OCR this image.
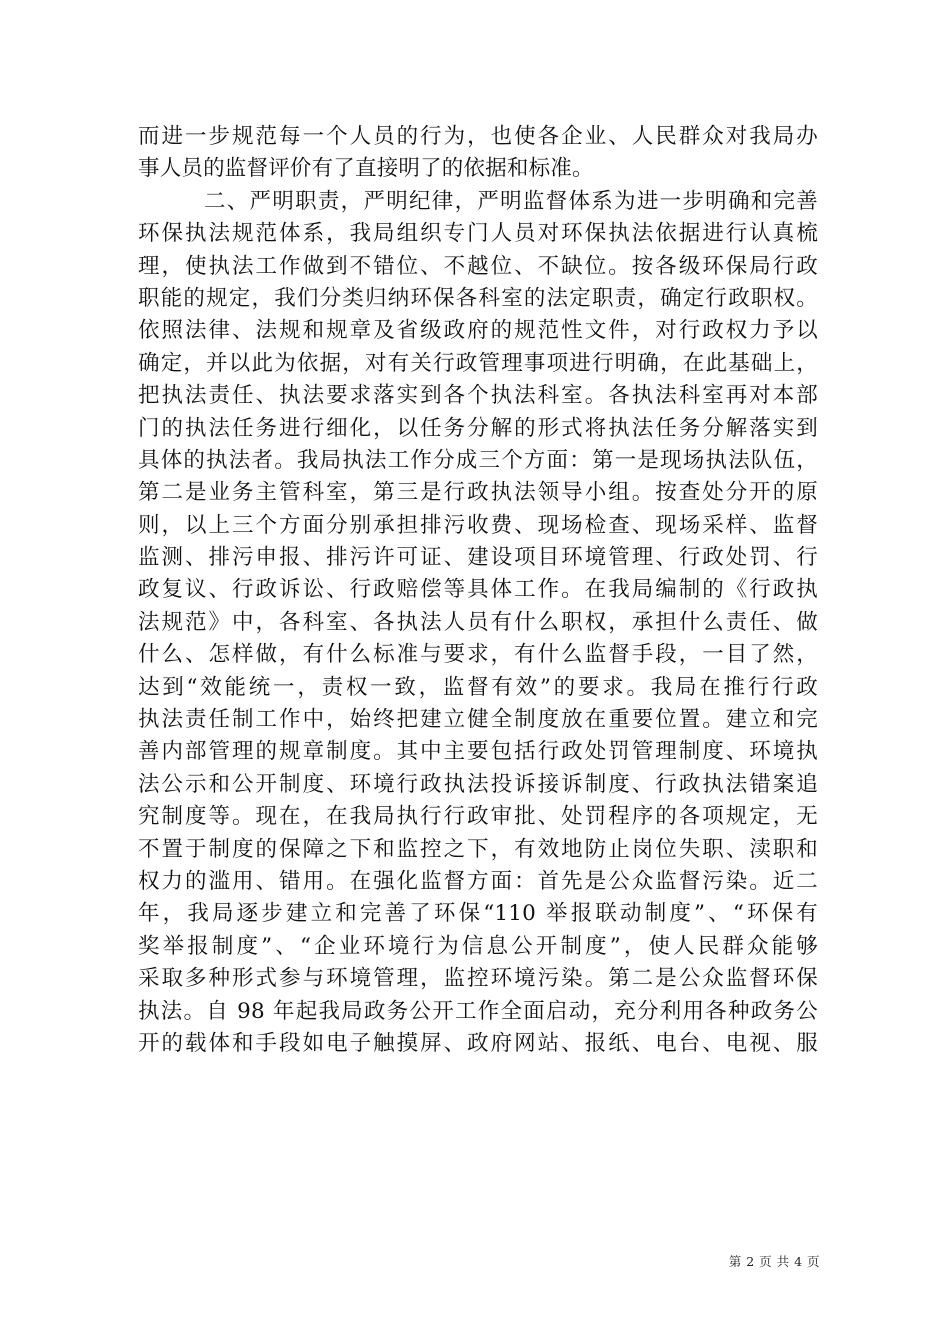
而进一步规范每一个人员的行为，也使各企业、人民群众对我局办
事人员的监督评价有了直接明了的依据和标准。
二、严明职责，严明纪律，严明监督体系为进一步明确和完善
环保执法规范体系，我局组织专门人员对环保执法依据进行认真梳
理，使执法工作做到不错位、不越位、不缺位。按各级环保局行政
职能的规定，我们分类归纳环保各科室的法定职责，确定行政职权。
依照法律、法规和规章及省级政府的规范性文件，对行政权力予以
确定，并以此为依据，对有关行政管理事项进行明确，在此基础上，
把执法责任、执法要求落实到各个执法科室。各执法科室再对本部
门的执法任务进行细化，以任务分解的形式将执法任务分解落实到
具体的执法者。我局执法工作分成三个方面：第一是现场执法队伍，
第二是业务主管科室，第三是行政执法领导小组。按查处分开的原
则，以上三个方面分别承担排污收费、现场检查、现场采样、监督
监测、排污申报、排污许可证、建设项目环境管理、行政处罚、行
政复议、行政诉讼、行政赔偿等具体工作。在我局编制的《行政执
法规范》中，各科室、各执法人员有什么职权，承担什么责任、做
什么、怎样做，有什么标准与要求，有什么监督手段，一目了然，
达到“效能统一，责权一致，监督有效”的要求。我局在推行行政
执法责任制工作中，始终把建立健全制度放在重要位置。建立和完
善内部管理的规章制度。其中主要包括行政处罚管理制度、环境执
法公示和公开制度、环境行政执法投诉接诉制度、行政执法错案追
究制度等。现在，在我局执行行政审批、处罚程序的各项规定，无
不置于制度的保障之下和监控之下，有效地防止岗位失职、渎职和
权力的滥用、错用。在强化监督方面：首先是公众监督污染。近二
年，我局逐步建立和完善了环保“110 举报联动制度”、“环保有
奖举报制度”、“企业环境行为信息公开制度”，使人民群众能够
采取多种形式参与环境管理，监控环境污染。第二是公众监督环保
执法。自 98 年起我局政务公开工作全面启动，充分利用各种政务公
开的载体和手段如电子触摸屏、政府网站、报纸、电台、电视、服
第 2 页 共 4 页
